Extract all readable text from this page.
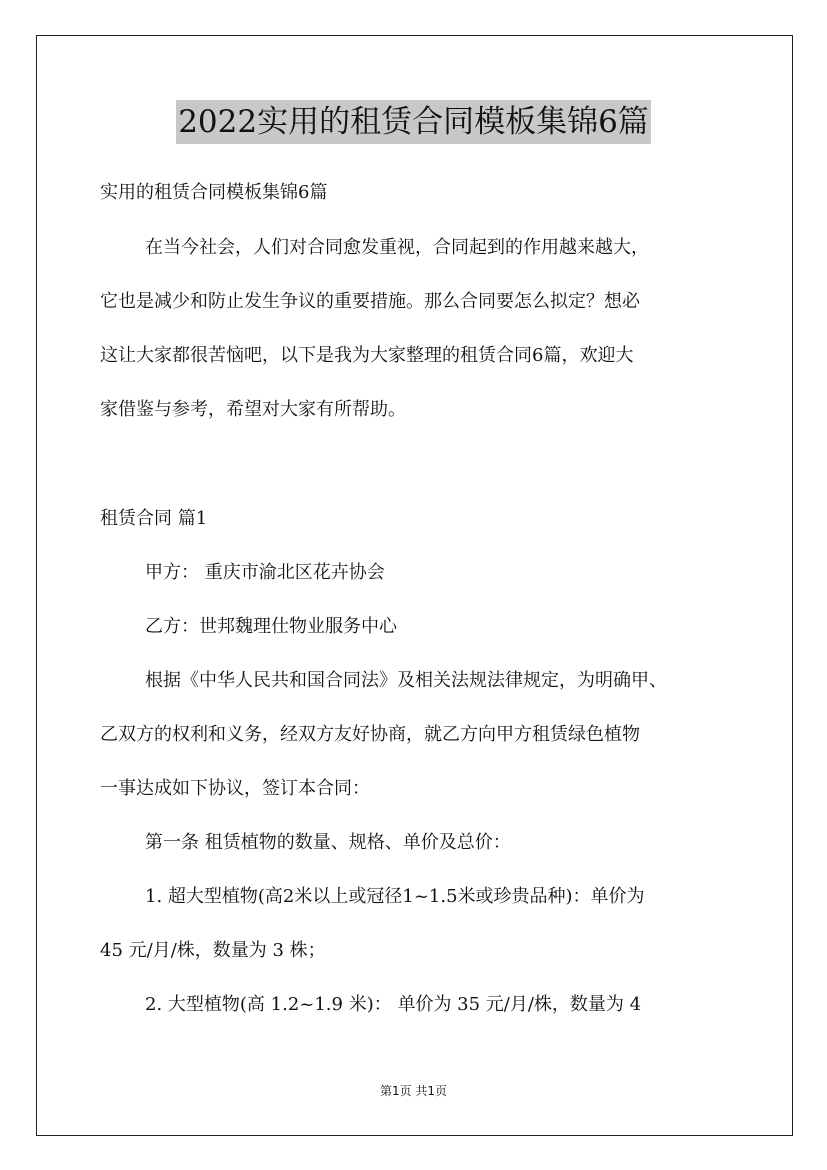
2022实用的租赁合同模板集锦6篇
实用的租赁合同模板集锦6篇
在当今社会，人们对合同愈发重视，合同起到的作用越来越大，
它也是减少和防止发生争议的重要措施。那么合同要怎么拟定？想必
这让大家都很苦恼吧，以下是我为大家整理的租赁合同6篇，欢迎大
家借鉴与参考，希望对大家有所帮助。
租赁合同 篇1
甲方： 重庆市渝北区花卉协会
乙方：世邦魏理仕物业服务中心
根据《中华人民共和国合同法》及相关法规法律规定，为明确甲、
乙双方的权利和义务，经双方友好协商，就乙方向甲方租赁绿色植物
一事达成如下协议，签订本合同：
第一条 租赁植物的数量、规格、单价及总价：
1. 超大型植物(高2米以上或冠径1~1.5米或珍贵品种)：单价为
45 元/月/株，数量为 3 株；
2. 大型植物(高 1.2~1.9 米)： 单价为 35 元/月/株，数量为 4
第1页 共1页
